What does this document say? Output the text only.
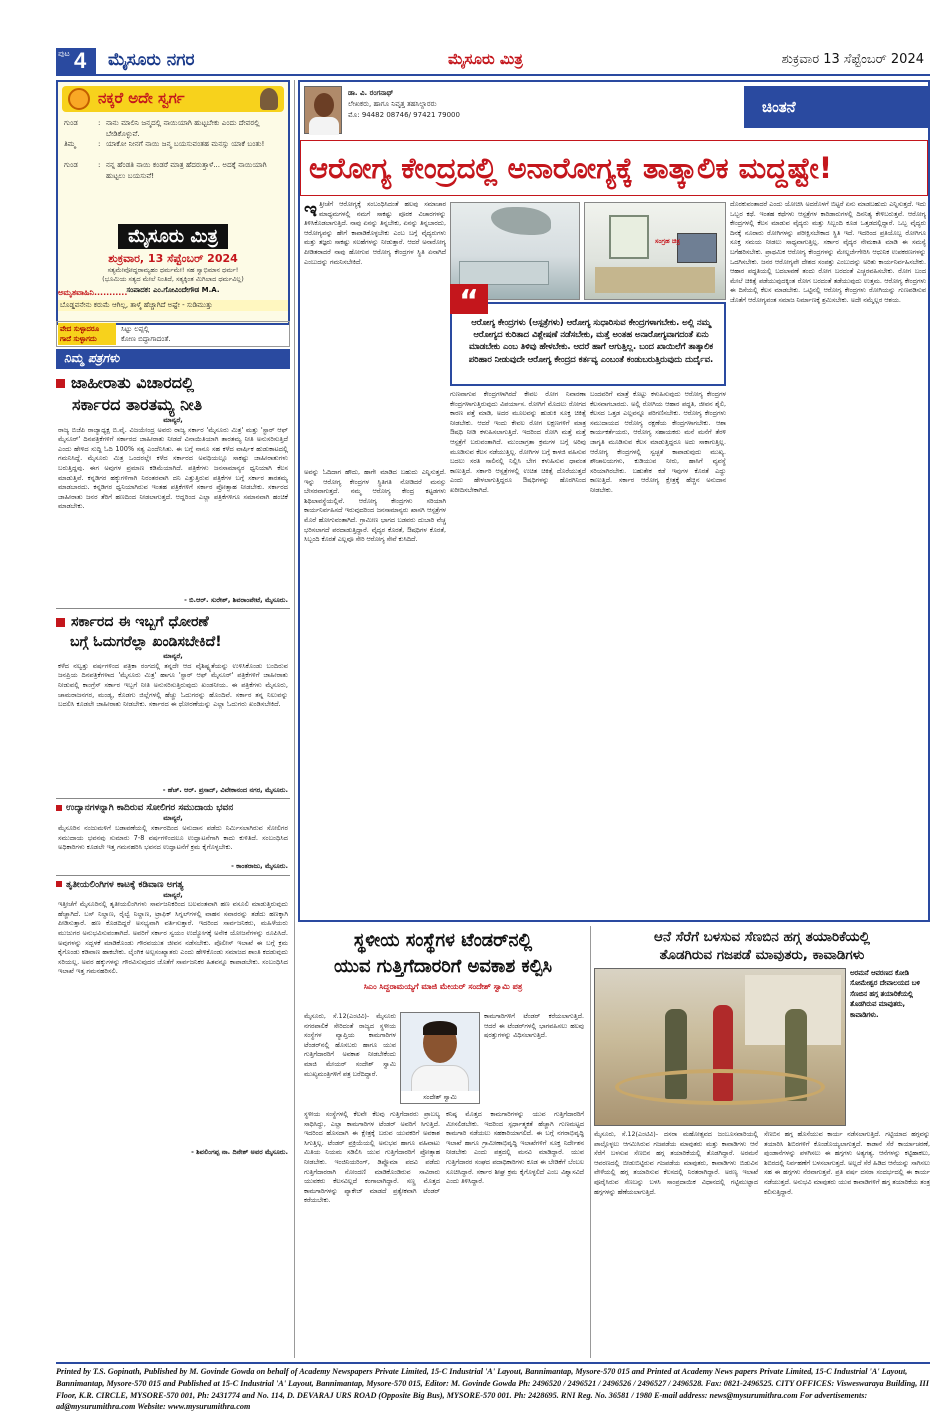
ಪುಟ 4 ಮೈಸೂರು ನಗರ	ಮೈಸೂರು ಮಿತ್ರ	ಶುಕ್ರವಾರ 13 ಸೆಪ್ಟೆಂಬರ್ 2024
ನಕ್ಕರೆ ಅದೇ ಸ್ವರ್ಗ
ಗುಂಡ	: ನಾನು ಮಾಲಿನಿ ಜನ್ಮದಲ್ಲಿ ನಾಯಿಯಾಗಿ ಹುಟ್ಟಬೇಕು ಎಂದು ದೇವರಲ್ಲಿ ಬೇಡಿಕೊಳ್ಳುವೆ.
ತಿಮ್ಮ	: ಯಾಕೋ ನೀನಗೆ ನಾಯಿ ಜನ್ಮ ಬಯಸುವಂತಹ ಮನಸ್ಸು ಯಾಕೆ ಬಂತು!
ಗುಂಡ	: ನನ್ನ ಹೆಂಡತಿ ನಾಯಿ ಕಂಡರೆ ಮಾತ್ರ ಹೆದರುತ್ತಾಳೆ... ಅದಕ್ಕೆ ನಾಯಿಯಾಗಿ ಹುಟ್ಟಲು ಬಯಸುವೆ!
ಮೈಸೂರು ಮಿತ್ರ
ಶುಕ್ರವಾರ, 13 ಸೆಪ್ಟೆಂಬರ್ 2024
ಸತ್ಯಮೇವೋದ್ಧರಾಮ್ಯಹಂ ಧರ್ಮಮೇ! ಸಹ ಸ್ವಾಭಿಮಾನ ಧರ್ಮ!
(ಭೂಮಿಯ ಸತ್ಯದ ಮೇಲೆ ನಿಂತಿದೆ, ಸತ್ಯಕ್ಕಿಂತ ಮಿಗಿಲಾದ ಧರ್ಮವಿಲ್ಲ)
ಸಂಪಾದಕ: ಎಂ.ಗೋವಿಂದೇಗೌಡ M.A.
ಅಮೃತವಾಹಿನಿ...........
ಬೊಡ್ಡವನೇನು ಕರುಮೆ ಆಗಿಲ್ಲ, ತಾಳ್ಮೆ ಹೆಚ್ಚಾಗಿದೆ ಅಷ್ಟೇ - ಸುಡಿಮುತ್ತು
ವೇದ ಸುಳ್ಳಾದರೂ
ಗಾದೆ ಸುಳ್ಳಾಗದು
ಸಿಟ್ಟು ಲಪ್ಪಲ್ಲಿ
ಕೋಣ ಬಿದ್ದಾಗಾದಂತೆ.
ನಿಮ್ಮ ಪತ್ರಗಳು
ಜಾಹೀರಾತು ವಿಚಾರದಲ್ಲಿ
ಸರ್ಕಾರದ ತಾರತಮ್ಯ ನೀತಿ
ಮಾನ್ಯರೆ,
ರಾಜ್ಯ ಬಿಜೆಪಿ ರಾಜ್ಯಾಧ್ಯಕ್ಷ ಬಿ.ವೈ. ವಿಜಯೇಂದ್ರ ಅವರು ರಾಜ್ಯ ಸರ್ಕಾರ 'ಮೈಸೂರು ಮಿತ್ರ' ಮತ್ತು 'ಸ್ಟಾರ್ ಆಫ್ ಮೈಸೂರ್' ದಿನಪತ್ರಿಕೆಗಳಿಗೆ ಸರ್ಕಾರದ ಜಾಹೀರಾತು ನೀಡದೆ ವಿನಾಯಿತಿಯಾಗಿ ತಾರತಮ್ಯ ನೀತಿ ಅನುಸರಿಸುತ್ತಿದೆ ಎಂದು ಹೇಳಿದ ಸುದ್ದಿ ಓದಿ 100% ಸತ್ಯ ಎಂದೆನಿಸಿತು. ಈ ಬಗ್ಗೆ ನಾನೂ ಸಹ ಕಳೆದ ವಾರ್ಷಿಕ ಹುಡುಕಾಟದಲ್ಲಿ ಗಮನಿಸಿದ್ದೆ. ಮೈಸೂರು ಮಿತ್ರ ಒಂದರಲ್ಲೇ ಕಳೆದ ಸರ್ಕಾರದ ಅವಧಿಯಲ್ಲೂ ಸಾಕಷ್ಟು ಜಾಹೀರಾತುಗಳು ಬರುತ್ತಿದ್ದವು. ಈಗ ಅವುಗಳ ಪ್ರಮಾಣ ಕಡಿಮೆಯಾಗಿದೆ. ಪತ್ರಿಕೆಗಳು ಜನಸಾಮಾನ್ಯರ ಧ್ವನಿಯಾಗಿ ಕೆಲಸ ಮಾಡುತ್ತಿವೆ. ಕನ್ನಡಿಗರ ಹಕ್ಕುಗಳಿಗಾಗಿ ನಿರಂತರವಾಗಿ ದನಿ ಎತ್ತುತ್ತಿರುವ ಪತ್ರಿಕೆಗಳ ಬಗ್ಗೆ ಸರ್ಕಾರ ತಾರತಮ್ಯ ಮಾಡಬಾರದು. ಕನ್ನಡಿಗರ ಧ್ವನಿಯಾಗಿರುವ ಇಂತಹ ಪತ್ರಿಕೆಗಳಿಗೆ ಸರ್ಕಾರ ಪ್ರೋತ್ಸಾಹ ನೀಡಬೇಕು. ಸರ್ಕಾರದ ಜಾಹೀರಾತು ಜನರ ತೆರಿಗೆ ಹಣದಿಂದ ನೀಡಲಾಗುತ್ತದೆ. ಆದ್ದರಿಂದ ಎಲ್ಲಾ ಪತ್ರಿಕೆಗಳಿಗೂ ಸಮಾನವಾಗಿ ಹಂಚಿಕೆ ಮಾಡಬೇಕು.
- ಬಿ.ಆರ್. ಸುರೇಶ್, ಶಿವರಾಂಪೇಟೆ, ಮೈಸೂರು.
ಸರ್ಕಾರದ ಈ ಇಬ್ಬಗೆ ಧೋರಣೆ
ಬಗ್ಗೆ ಓದುಗರೆಲ್ಲಾ ಖಂಡಿಸಬೇಕಿದೆ!
ಮಾನ್ಯರೆ,
ಕಳೆದ ನಲ್ವತ್ತು ವರ್ಷಗಳಿಂದ ಪತ್ರಿಕಾ ರಂಗದಲ್ಲಿ ತನ್ನದೇ ಆದ ವೈಶಿಷ್ಟ್ಯತೆಯನ್ನು ಉಳಿಸಿಕೊಂಡು ಬಂದಿರುವ ಜನಪ್ರಿಯ ದಿನಪತ್ರಿಕೆಗಳಾದ 'ಮೈಸೂರು ಮಿತ್ರ' ಹಾಗೂ 'ಸ್ಟಾರ್ ಆಫ್ ಮೈಸೂರ್' ಪತ್ರಿಕೆಗಳಿಗೆ ಜಾಹೀರಾತು ನೀಡುವಲ್ಲಿ ಕಾಂಗ್ರೆಸ್ ಸರ್ಕಾರ ಇಬ್ಬಗೆ ನೀತಿ ಅನುಸರಿಸುತ್ತಿರುವುದು ಖಂಡನೀಯ. ಈ ಪತ್ರಿಕೆಗಳು ಮೈಸೂರು, ಚಾಮರಾಜನಗರ, ಮಂಡ್ಯ, ಕೊಡಗು ಜಿಲ್ಲೆಗಳಲ್ಲಿ ಹೆಚ್ಚು ಓದುಗರನ್ನು ಹೊಂದಿವೆ. ಸರ್ಕಾರ ತನ್ನ ನಿಲುವನ್ನು ಬದಲಿಸಿ ಕೂಡಲೇ ಜಾಹೀರಾತು ನೀಡಬೇಕು. ಸರ್ಕಾರದ ಈ ಧೋರಣೆಯನ್ನು ಎಲ್ಲಾ ಓದುಗರು ಖಂಡಿಸಬೇಕಿದೆ.
- ಹೆಚ್. ಆರ್. ಪ್ರಸಾದ್, ವಿವೇಕಾನಂದ ನಗರ, ಮೈಸೂರು.
ಉದ್ಯಾನಗಳನ್ನಾಗಿ ಕಾದಿರುವ ಸೋಲಿಗರ ಸಮುದಾಯ ಭವನ
ಮಾನ್ಯರೆ,
ಮೈಸೂರಿನ ನಂಜುಮಳಿಗೆ ಬಡಾವಣೆಯಲ್ಲಿ ಸರ್ಕಾರದಿಂದ ಅನುದಾನ ಪಡೆದು ನಿರ್ಮಿಸಲಾಗಿರುವ ಸೋಲಿಗರ ಸಮುದಾಯ ಭವನವು ಸುಮಾರು 7-8 ವರ್ಷಗಳಿಂದಲೂ ಉದ್ಘಾಟನೆಗಾಗಿ ಕಾದು ಕುಳಿತಿದೆ. ಸಂಬಂಧಿಸಿದ ಅಧಿಕಾರಿಗಳು ಕೂಡಲೇ ಇತ್ತ ಗಮನಹರಿಸಿ ಭವನದ ಉದ್ಘಾಟನೆಗೆ ಕ್ರಮ ಕೈಗೊಳ್ಳಬೇಕು.
- ಕಾಂತರಾಜು, ಮೈಸೂರು.
ತೃತೀಯಲಿಂಗಿಗಳ ಕಾಟಕ್ಕೆ ಕಡಿವಾಣ ಅಗತ್ಯ
ಮಾನ್ಯರೆ,
ಇತ್ತೀಚೆಗೆ ಮೈಸೂರಿನಲ್ಲಿ ತೃತೀಯಲಿಂಗಿಗಳು ಸಾರ್ವಜನಿಕರಿಂದ ಬಲವಂತವಾಗಿ ಹಣ ವಸೂಲಿ ಮಾಡುತ್ತಿರುವುದು ಹೆಚ್ಚಾಗಿದೆ. ಬಸ್ ನಿಲ್ದಾಣ, ರೈಲ್ವೆ ನಿಲ್ದಾಣ, ಟ್ರಾಫಿಕ್ ಸಿಗ್ನಲ್‌ಗಳಲ್ಲಿ ವಾಹನ ಸವಾರರನ್ನು ತಡೆದು ಹಣಕ್ಕಾಗಿ ಪೀಡಿಸುತ್ತಾರೆ. ಹಣ ಕೊಡದಿದ್ದರೆ ಅಸಭ್ಯವಾಗಿ ವರ್ತಿಸುತ್ತಾರೆ. ಇದರಿಂದ ಸಾರ್ವಜನಿಕರು, ಮಹಿಳೆಯರು ಮುಜುಗರ ಅನುಭವಿಸುವಂತಾಗಿದೆ. ಅವರಿಗೆ ಸರ್ಕಾರ ಸ್ವಯಂ ಉದ್ಯೋಗಕ್ಕೆ ಅನೇಕ ಯೋಜನೆಗಳನ್ನು ರೂಪಿಸಿದೆ. ಅವುಗಳನ್ನು ಸದ್ಬಳಕೆ ಮಾಡಿಕೊಂಡು ಗೌರವಯುತ ಜೀವನ ನಡೆಸಬೇಕು. ಪೊಲೀಸ್ ಇಲಾಖೆ ಈ ಬಗ್ಗೆ ಕ್ರಮ ಕೈಗೊಂಡು ಕಡಿವಾಣ ಹಾಕಬೇಕು. ಲೈಂಗಿಕ ಅಲ್ಪಸಂಖ್ಯಾತರು ಎಂದು ಹೇಳಿಕೊಂಡು ಸಮಾಜದ ಶಾಂತಿ ಕದಡುವುದು ಸರಿಯಲ್ಲ. ಅವರ ಹಕ್ಕುಗಳನ್ನು ಗೌರವಿಸುವುದರ ಜೊತೆಗೆ ಸಾರ್ವಜನಿಕರ ಹಿತವನ್ನೂ ಕಾಪಾಡಬೇಕು. ಸಂಬಂಧಿಸಿದ ಇಲಾಖೆ ಇತ್ತ ಗಮನಹರಿಸಲಿ.
- ಶಿವಲಿಂಗಪ್ಪ ನಾ. ದಿನೇಶ್ ಅವರ ಮೈಸೂರು.
ಡಾ. ವಿ. ರಂಗನಾಥ್
ಲೇಖಕರು, ಹಾಗೂ ನಿವೃತ್ತ ತಹಸಿಲ್ದಾರರು
ಮೊ: 94482 08746/ 97421 79000	ಚಿಂತನೆ
ಆರೋಗ್ಯ ಕೇಂದ್ರದಲ್ಲಿ ಅನಾರೋಗ್ಯಕ್ಕೆ ತಾತ್ಕಾಲಿಕ ಮದ್ದಷ್ಟೇ!
ಇ ತ್ತೀಚೆಗೆ ಆರೋಗ್ಯಕ್ಕೆ ಸಂಬಂಧಿಸಿದಂತೆ ಹಲವು ಸಮಾಚಾರ ಮಾಧ್ಯಮಗಳಲ್ಲಿ ನಮಗೆ ಸಾಕಷ್ಟು ಪೂರಕ ವಿಚಾರಗಳನ್ನು ತಿಳಿಸಿಕೊಡಲಾಗುತ್ತಿದೆ. ನಾವು ಏನನ್ನು ತಿನ್ನಬೇಕು, ಏನನ್ನು ತಿನ್ನಬಾರದು, ಆರೋಗ್ಯವನ್ನು ಹೇಗೆ ಕಾಪಾಡಿಕೊಳ್ಳಬೇಕು ಎಂಬ ಬಗ್ಗೆ ವೈದ್ಯರುಗಳು ಮತ್ತು ತಜ್ಞರು ಸಾಕಷ್ಟು ಸಲಹೆಗಳನ್ನು ನೀಡುತ್ತಾರೆ. ಆದರೆ ಅನಾರೋಗ್ಯ ಪೀಡಿತರಾದರೆ ನಾವು ಹೋಗುವ ಆರೋಗ್ಯ ಕೇಂದ್ರಗಳ ಸ್ಥಿತಿ ಏನಾಗಿದೆ ಎಂಬುದನ್ನು ಗಮನಿಸಬೇಕಿದೆ.
ಅವನ್ನು ಓದಿದಾಗ ಹೌದು, ಹಾಗೇ ಮಾಡಿದ ಬಹುದು ಎನ್ನಿಸುತ್ತದೆ. ಇನ್ನು ಆರೋಗ್ಯ ಕೇಂದ್ರಗಳ ಸ್ಥಿತಿಗತಿ ನೋಡಿದರೆ ಮನಸ್ಸು ಬೇಸರವಾಗುತ್ತದೆ. ನಮ್ಮ ಆರೋಗ್ಯ ಕೇಂದ್ರ ಕಟ್ಟಡಗಳು ಶಿಥಿಲಾವಸ್ಥೆಯಲ್ಲಿವೆ. ಆರೋಗ್ಯ ಕೇಂದ್ರಗಳು ಸರಿಯಾಗಿ ಕಾರ್ಯನಿರ್ವಹಿಸದೆ ಇರುವುದರಿಂದ ಜನಸಾಮಾನ್ಯರು ಖಾಸಗಿ ಆಸ್ಪತ್ರೆಗಳ ಮೊರೆ ಹೋಗುವಂತಾಗಿದೆ. ಗ್ರಾಮೀಣ ಭಾಗದ ಬಡವರು ದುಬಾರಿ ವೆಚ್ಚ ಭರಿಸಲಾಗದೆ ಪರದಾಡುತ್ತಿದ್ದಾರೆ. ವೈದ್ಯರ ಕೊರತೆ, ಔಷಧಿಗಳ ಕೊರತೆ, ಸಿಬ್ಬಂದಿ ಕೊರತೆ ಎಲ್ಲವೂ ಸೇರಿ ಆರೋಗ್ಯ ಸೇವೆ ಕುಸಿದಿದೆ.
ಸಂಗ್ರಹ ಚಿತ್ರ
“
ಆರೋಗ್ಯ ಕೇಂದ್ರಗಳು (ಆಸ್ಪತ್ರೆಗಳು) ಆರೋಗ್ಯ ಸುಧಾರಿಸುವ ಕೇಂದ್ರಗಳಾಗಬೇಕು. ಅಲ್ಲಿ ನಮ್ಮ ಆರೋಗ್ಯದ ಕುರಿತಾದ ವಿಶ್ಲೇಷಣೆ ನಡೆಸಬೇಕು, ಮತ್ತೆ ಅಂತಹ ಅನಾರೋಗ್ಯವಾಗದಂತೆ ಏನು ಮಾಡಬೇಕು ಎಂಬ ತಿಳಿವು ಹೇಳಬೇಕು. ಆದರೆ ಹಾಗೆ ಆಗುತ್ತಿಲ್ಲ. ಬಂದ ಖಾಯಿಲೆಗೆ ತಾತ್ಕಾಲಿಕ ಪರಿಹಾರ ನೀಡುವುದೇ ಆರೋಗ್ಯ ಕೇಂದ್ರದ ಕರ್ತವ್ಯ ಎಂಬಂತೆ ಕಂಡುಬರುತ್ತಿರುವುದು ದುರ್ದೈವ.
ಗುಣವಾಗುವ ಕೇಂದ್ರಗಳಾಗಿರದೆ ಕೇವಲ ರೋಗ ನಿವಾರಣಾ ಕೇಂದ್ರಗಳಾಗುತ್ತಿರುವುದು ವಿಪರ್ಯಾಸ. ರೋಗಿಗೆ ಮೊದಲು ರೋಗದ ಕಾರಣ ಪತ್ತೆ ಮಾಡಿ, ಅದರ ಮೂಲವನ್ನು ಹುಡುಕಿ ಸೂಕ್ತ ಚಿಕಿತ್ಸೆ ನೀಡಬೇಕು. ಆದರೆ ಇಂದು ಕೇವಲ ರೋಗ ಲಕ್ಷಣಗಳಿಗೆ ಮಾತ್ರ ಔಷಧಿ ನೀಡಿ ಕಳುಹಿಸಲಾಗುತ್ತಿದೆ. ಇದರಿಂದ ರೋಗಿ ಮತ್ತೆ ಮತ್ತೆ ಆಸ್ಪತ್ರೆಗೆ ಬರುವಂತಾಗಿದೆ. ಮುಂಜಾಗ್ರತಾ ಕ್ರಮಗಳ ಬಗ್ಗೆ ಅರಿವು ಮೂಡಿಸುವ ಕೆಲಸ ನಡೆಯುತ್ತಿಲ್ಲ. ರೋಗಿಗಳ ಬಗ್ಗೆ ಕಾಳಜಿ ವಹಿಸುವ ಬದಲು ಸರತಿ ಸಾಲಿನಲ್ಲಿ ನಿಲ್ಲಿಸಿ ಬೇಗ ಕಳುಹಿಸುವ ಧಾವಂತ ಕಾಣುತ್ತಿದೆ. ಸರ್ಕಾರಿ ಆಸ್ಪತ್ರೆಗಳಲ್ಲಿ ಉಚಿತ ಚಿಕಿತ್ಸೆ ದೊರೆಯುತ್ತದೆ ಎಂದು ಹೇಳಲಾಗುತ್ತಿದ್ದರೂ ಔಷಧಿಗಳನ್ನು ಹೊರಗಿನಿಂದ ಖರೀದಿಸಬೇಕಾಗಿದೆ.
ಬಂದವರಿಗೆ ಮಾತ್ರೆ ಕೊಟ್ಟು ಕಳುಹಿಸುವುದು ಆರೋಗ್ಯ ಕೇಂದ್ರಗಳ ಕೆಲಸವಾಗಬಾರದು. ಅಲ್ಲಿ ರೋಗಿಯ ಆಹಾರ ಪದ್ಧತಿ, ಜೀವನ ಶೈಲಿ, ಕೆಲಸದ ಒತ್ತಡ ಎಲ್ಲವನ್ನೂ ಪರಿಗಣಿಸಬೇಕು. ಆರೋಗ್ಯ ಕೇಂದ್ರಗಳು ಸಮುದಾಯದ ಆರೋಗ್ಯ ರಕ್ಷಣೆಯ ಕೇಂದ್ರಗಳಾಗಬೇಕು. ಆಶಾ ಕಾರ್ಯಕರ್ತೆಯರು, ಆರೋಗ್ಯ ಸಹಾಯಕರು ಮನೆ ಮನೆಗೆ ತೆರಳಿ ಜಾಗೃತಿ ಮೂಡಿಸುವ ಕೆಲಸ ಮಾಡುತ್ತಿದ್ದರೂ ಅದು ಸಾಕಾಗುತ್ತಿಲ್ಲ. ಆರೋಗ್ಯ ಕೇಂದ್ರಗಳಲ್ಲಿ ಸ್ವಚ್ಛತೆ ಕಾಪಾಡುವುದು ಮುಖ್ಯ. ಶೌಚಾಲಯಗಳು, ಕುಡಿಯುವ ನೀರು, ಹಾಸಿಗೆ ವ್ಯವಸ್ಥೆ ಸರಿಯಾಗಿರಬೇಕು. ಬಹುತೇಕ ಕಡೆ ಇವುಗಳ ಕೊರತೆ ಎದ್ದು ಕಾಣುತ್ತಿದೆ. ಸರ್ಕಾರ ಆರೋಗ್ಯ ಕ್ಷೇತ್ರಕ್ಕೆ ಹೆಚ್ಚಿನ ಅನುದಾನ ನೀಡಬೇಕು.
ದೊರಕುವಂತಾದರೆ ಎಂದು ಯೋಚಿಸಿ ಅದರೊಳಗೆ ಬಿಟ್ಟರೆ ಏನು ಮಾಡಬಹುದು ಎನ್ನಿಸುತ್ತದೆ. ಇದು ಒಬ್ಬರ ಕಥೆ. ಇಂತಹ ಕಥೆಗಳು ಆಸ್ಪತ್ರೆಗಳ ಕಾರಿಡಾರುಗಳಲ್ಲಿ ದಿನನಿತ್ಯ ಕೇಳಿಬರುತ್ತವೆ. ಆರೋಗ್ಯ ಕೇಂದ್ರಗಳಲ್ಲಿ ಕೆಲಸ ಮಾಡುವ ವೈದ್ಯರು ಮತ್ತು ಸಿಬ್ಬಂದಿ ಕೂಡ ಒತ್ತಡದಲ್ಲಿದ್ದಾರೆ. ಒಬ್ಬ ವೈದ್ಯರು ದಿನಕ್ಕೆ ನೂರಾರು ರೋಗಿಗಳನ್ನು ಪರೀಕ್ಷಿಸಬೇಕಾದ ಸ್ಥಿತಿ ಇದೆ. ಇದರಿಂದ ಪ್ರತಿಯೊಬ್ಬ ರೋಗಿಗೂ ಸೂಕ್ತ ಸಮಯ ನೀಡಲು ಸಾಧ್ಯವಾಗುತ್ತಿಲ್ಲ. ಸರ್ಕಾರ ವೈದ್ಯರ ನೇಮಕಾತಿ ಮಾಡಿ ಈ ಸಮಸ್ಯೆ ಬಗೆಹರಿಸಬೇಕು. ಪ್ರಾಥಮಿಕ ಆರೋಗ್ಯ ಕೇಂದ್ರಗಳನ್ನು ಮೇಲ್ದರ್ಜೆಗೇರಿಸಿ ಆಧುನಿಕ ಉಪಕರಣಗಳನ್ನು ಒದಗಿಸಬೇಕು. ಜನರ ಆರೋಗ್ಯವೇ ದೇಶದ ಸಂಪತ್ತು ಎಂಬುದನ್ನು ಅರಿತು ಕಾರ್ಯನಿರ್ವಹಿಸಬೇಕು. ಆಹಾರ ಪದ್ಧತಿಯಲ್ಲಿ ಬದಲಾವಣೆ ತಂದು ರೋಗ ಬರದಂತೆ ಎಚ್ಚರವಹಿಸಬೇಕು. ರೋಗ ಬಂದ ಮೇಲೆ ಚಿಕಿತ್ಸೆ ಪಡೆಯುವುದಕ್ಕಿಂತ ರೋಗ ಬರದಂತೆ ತಡೆಯುವುದು ಉತ್ತಮ. ಆರೋಗ್ಯ ಕೇಂದ್ರಗಳು ಈ ದಿಸೆಯಲ್ಲಿ ಕೆಲಸ ಮಾಡಬೇಕು. ಒಟ್ಟಿನಲ್ಲಿ ಆರೋಗ್ಯ ಕೇಂದ್ರಗಳು ರೋಗಿಯನ್ನು ಗುಣಪಡಿಸುವ ಜೊತೆಗೆ ಆರೋಗ್ಯವಂತ ಸಮಾಜ ನಿರ್ಮಾಣಕ್ಕೆ ಶ್ರಮಿಸಬೇಕು. ಅದೇ ನಮ್ಮೆಲ್ಲರ ಆಶಯ.
ಸ್ಥಳೀಯ ಸಂಸ್ಥೆಗಳ ಟೆಂಡರ್‌ನಲ್ಲಿ
ಯುವ ಗುತ್ತಿಗೆದಾರರಿಗೆ ಅವಕಾಶ ಕಲ್ಪಿಸಿ
ಸಿಎಂ ಸಿದ್ದರಾಮಯ್ಯಗೆ ಮಾಜಿ ಮೇಯರ್ ಸಂದೇಶ್ ಸ್ವಾಮಿ ಪತ್ರ
ಮೈಸೂರು, ಸೆ.12(ಎಂಟಿವಿ)- ಮೈಸೂರು ನಗರಪಾಲಿಕೆ ಸೇರಿದಂತೆ ರಾಜ್ಯದ ಸ್ಥಳೀಯ ಸಂಸ್ಥೆಗಳ ವ್ಯಾಪ್ತಿಯ ಕಾಮಗಾರಿಗಳ ಟೆಂಡರ್‌ನಲ್ಲಿ ಹೊಸಬರು ಹಾಗೂ ಯುವ ಗುತ್ತಿಗೆದಾರರಿಗೆ ಅವಕಾಶ ನೀಡಬೇಕೆಂದು ಮಾಜಿ ಮೇಯರ್ ಸಂದೇಶ್ ಸ್ವಾಮಿ ಮುಖ್ಯಮಂತ್ರಿಗಳಿಗೆ ಪತ್ರ ಬರೆದಿದ್ದಾರೆ.
ಸಂದೇಶ್ ಸ್ವಾಮಿ
ಕಾಮಗಾರಿಗಳಿಗೆ ಟೆಂಡರ್ ಕರೆಯಲಾಗುತ್ತಿದೆ. ಆದರೆ ಈ ಟೆಂಡರ್‌ಗಳಲ್ಲಿ ಭಾಗವಹಿಸಲು ಹಲವು ಷರತ್ತುಗಳನ್ನು ವಿಧಿಸಲಾಗುತ್ತಿದೆ.
ಸ್ಥಳೀಯ ಸಂಸ್ಥೆಗಳಲ್ಲಿ ಕೆಲವೇ ಕೆಲವು ಗುತ್ತಿಗೆದಾರರು ಪ್ರಾಬಲ್ಯ ಸಾಧಿಸಿದ್ದು, ಎಲ್ಲಾ ಕಾಮಗಾರಿಗಳ ಟೆಂಡರ್ ಅವರಿಗೆ ಸಿಗುತ್ತಿದೆ. ಇದರಿಂದ ಹೊಸದಾಗಿ ಈ ಕ್ಷೇತ್ರಕ್ಕೆ ಬರುವ ಯುವಕರಿಗೆ ಅವಕಾಶ ಸಿಗುತ್ತಿಲ್ಲ. ಟೆಂಡರ್ ಪ್ರಕ್ರಿಯೆಯಲ್ಲಿ ಅನುಭವ ಹಾಗೂ ವಹಿವಾಟು ಮಿತಿಯ ನಿಯಮ ಸಡಿಲಿಸಿ ಯುವ ಗುತ್ತಿಗೆದಾರರಿಗೆ ಪ್ರೋತ್ಸಾಹ ನೀಡಬೇಕು. ಇಂಜಿನಿಯರಿಂಗ್, ಡಿಪ್ಲೊಮಾ ಪದವಿ ಪಡೆದು ಗುತ್ತಿಗೆದಾರರಾಗಿ ನೋಂದಣಿ ಮಾಡಿಕೊಂಡಿರುವ ಸಾವಿರಾರು ಯುವಕರು ಕೆಲಸವಿಲ್ಲದೆ ಕಂಗಾಲಾಗಿದ್ದಾರೆ. ಸಣ್ಣ ಮೊತ್ತದ ಕಾಮಗಾರಿಗಳನ್ನು ಪ್ಯಾಕೇಜ್ ಮಾಡದೆ ಪ್ರತ್ಯೇಕವಾಗಿ ಟೆಂಡರ್ ಕರೆಯಬೇಕು.
ಕನಿಷ್ಠ ಮೊತ್ತದ ಕಾಮಗಾರಿಗಳನ್ನು ಯುವ ಗುತ್ತಿಗೆದಾರರಿಗೆ ಮೀಸಲಿಡಬೇಕು. ಇದರಿಂದ ಸ್ಪರ್ಧಾತ್ಮಕತೆ ಹೆಚ್ಚಾಗಿ ಗುಣಮಟ್ಟದ ಕಾಮಗಾರಿ ನಡೆಯಲು ಸಹಕಾರಿಯಾಗಲಿದೆ. ಈ ಬಗ್ಗೆ ನಗರಾಭಿವೃದ್ಧಿ ಇಲಾಖೆ ಹಾಗೂ ಗ್ರಾಮೀಣಾಭಿವೃದ್ಧಿ ಇಲಾಖೆಗಳಿಗೆ ಸೂಕ್ತ ನಿರ್ದೇಶನ ನೀಡಬೇಕು ಎಂದು ಪತ್ರದಲ್ಲಿ ಮನವಿ ಮಾಡಿದ್ದಾರೆ. ಯುವ ಗುತ್ತಿಗೆದಾರರ ಸಂಘದ ಪದಾಧಿಕಾರಿಗಳು ಕೂಡ ಈ ಬೇಡಿಕೆಗೆ ಬೆಂಬಲ ಸೂಚಿಸಿದ್ದಾರೆ. ಸರ್ಕಾರ ಶೀಘ್ರ ಕ್ರಮ ಕೈಗೊಳ್ಳಲಿದೆ ಎಂಬ ವಿಶ್ವಾಸವಿದೆ ಎಂದು ತಿಳಿಸಿದ್ದಾರೆ.
ಆನೆ ಸೆರೆಗೆ ಬಳಸುವ ಸೆಣಬಿನ ಹಗ್ಗ ತಯಾರಿಕೆಯಲ್ಲಿ
ತೊಡಗಿರುವ ಗಜಪಡೆ ಮಾವುತರು, ಕಾವಾಡಿಗಳು
ಅರಮನೆ ಆವರಣದ ಕೋಡಿ ಸೋಮೇಶ್ವರ ದೇವಾಲಯದ ಬಳಿ ಸೆಣಬಿನ ಹಗ್ಗ ತಯಾರಿಕೆಯಲ್ಲಿ ತೊಡಗಿರುವ ಮಾವುತರು, ಕಾವಾಡಿಗಳು.
ಮೈಸೂರು, ಸೆ.12(ಎಂಟಿವಿ)- ದಸರಾ ಮಹೋತ್ಸವದ ಜಂಬೂಸವಾರಿಯಲ್ಲಿ ಪಾಲ್ಗೊಳ್ಳಲು ಆಗಮಿಸಿರುವ ಗಜಪಡೆಯ ಮಾವುತರು ಮತ್ತು ಕಾವಾಡಿಗಳು ಆನೆ ಸೆರೆಗೆ ಬಳಸುವ ಸೆಣಬಿನ ಹಗ್ಗ ತಯಾರಿಕೆಯಲ್ಲಿ ತೊಡಗಿದ್ದಾರೆ. ಅರಮನೆ ಆವರಣದಲ್ಲಿ ಬೀಡುಬಿಟ್ಟಿರುವ ಗಜಪಡೆಯ ಮಾವುತರು, ಕಾವಾಡಿಗಳು ಬಿಡುವಿನ ವೇಳೆಯಲ್ಲಿ ಹಗ್ಗ ತಯಾರಿಸುವ ಕೆಲಸದಲ್ಲಿ ನಿರತರಾಗಿದ್ದಾರೆ. ಅರಣ್ಯ ಇಲಾಖೆ ಪೂರೈಸಿರುವ ಸೆಣಬನ್ನು ಬಳಸಿ ಸಾಂಪ್ರದಾಯಿಕ ವಿಧಾನದಲ್ಲಿ ಗಟ್ಟಿಮುಟ್ಟಾದ ಹಗ್ಗಗಳನ್ನು ಹೆಣೆಯಲಾಗುತ್ತಿದೆ.
ಸೆಣಬಿನ ಹಗ್ಗ ಹೊಸೆಯುವ ಕಾರ್ಯ ನಡೆಸಲಾಗುತ್ತಿದೆ. ಗಟ್ಟಿಯಾದ ಹಗ್ಗವನ್ನು ತಯಾರಿಸಿ ಶಿಬಿರಗಳಿಗೆ ಕೊಂಡೊಯ್ಯಲಾಗುತ್ತದೆ. ಕಾಡಾನೆ ಸೆರೆ ಕಾರ್ಯಾಚರಣೆ, ಪುಂಡಾನೆಗಳನ್ನು ಪಳಗಿಸಲು ಈ ಹಗ್ಗಗಳು ಅತ್ಯಗತ್ಯ. ಆನೆಗಳನ್ನು ಕಟ್ಟಿಹಾಕಲು, ಶಿಬಿರದಲ್ಲಿ ನಿರ್ವಹಣೆಗೆ ಬಳಸಲಾಗುತ್ತದೆ. ಅಲ್ಲದೆ ಸೆರೆ ಹಿಡಿದ ಆನೆಯನ್ನು ಸಾಗಿಸಲು ಸಹ ಈ ಹಗ್ಗಗಳು ನೆರವಾಗುತ್ತವೆ. ಪ್ರತಿ ವರ್ಷ ದಸರಾ ಸಂದರ್ಭದಲ್ಲಿ ಈ ಕಾರ್ಯ ನಡೆಯುತ್ತದೆ. ಅನುಭವಿ ಮಾವುತರು ಯುವ ಕಾವಾಡಿಗಳಿಗೆ ಹಗ್ಗ ತಯಾರಿಕೆಯ ತಂತ್ರ ಕಲಿಸುತ್ತಿದ್ದಾರೆ.
Printed by T.S. Gopinath, Published by M. Govinde Gowda on behalf of Academy Newspapers Private Limited, 15-C Industrial 'A' Layout, Bannimantap, Mysore-570 015 and Printed at Academy News papers Private Limited, 15-C Industrial 'A' Layout, Bannimantap, Mysore-570 015 and Published at 15-C Industrial 'A' Layout, Bannimantap, Mysore-570 015, Editor: M. Govinde Gowda Ph: 2496520 / 2496521 / 2496526 / 2496527 / 2496528. Fax: 0821-2496525. CITY OFFICES: Visweswaraya Building, III Floor, K.R. CIRCLE, MYSORE-570 001, Ph: 2431774 and No. 114, D. DEVARAJ URS ROAD (Opposite Big Bus), MYSORE-570 001. Ph: 2428695. RNI Reg. No. 36581 / 1980 E-mail address: news@mysurumithra.com For advertisements: ad@mysurumithra.com Website: www.mysurumithra.com
